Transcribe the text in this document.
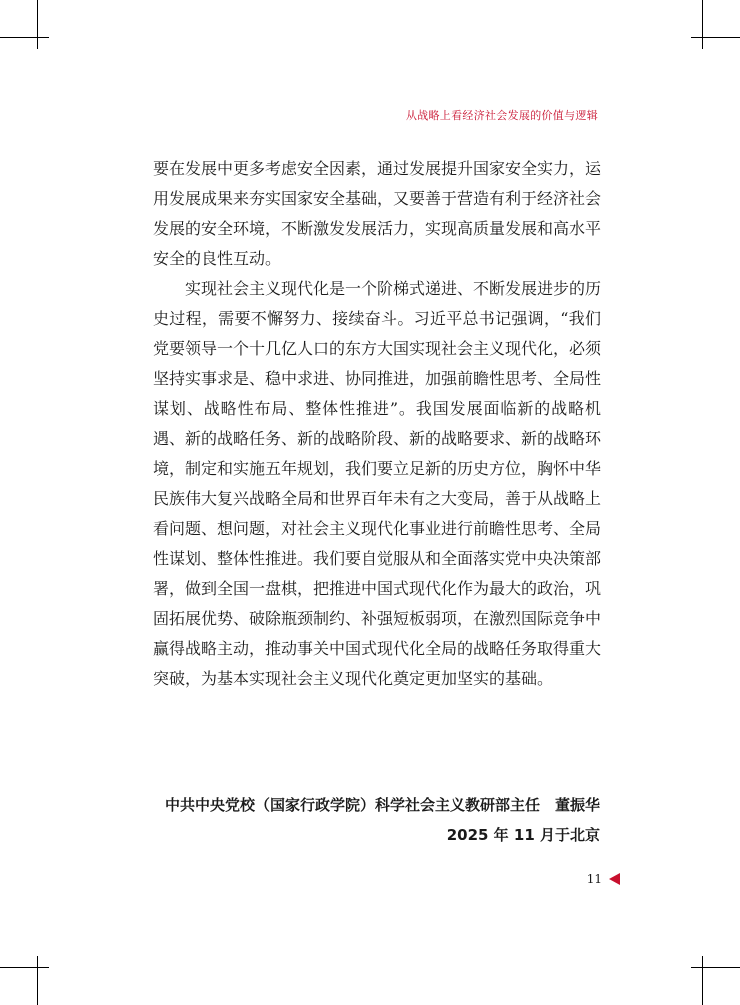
从战略上看经济社会发展的价值与逻辑

要在发展中更多考虑安全因素，通过发展提升国家安全实力，运用发展成果来夯实国家安全基础，又要善于营造有利于经济社会发展的安全环境，不断激发发展活力，实现高质量发展和高水平安全的良性互动。

实现社会主义现代化是一个阶梯式递进、不断发展进步的历史过程，需要不懈努力、接续奋斗。习近平总书记强调，“我们党要领导一个十几亿人口的东方大国实现社会主义现代化，必须坚持实事求是、稳中求进、协同推进，加强前瞻性思考、全局性谋划、战略性布局、整体性推进”。我国发展面临新的战略机遇、新的战略任务、新的战略阶段、新的战略要求、新的战略环境，制定和实施五年规划，我们要立足新的历史方位，胸怀中华民族伟大复兴战略全局和世界百年未有之大变局，善于从战略上看问题、想问题，对社会主义现代化事业进行前瞻性思考、全局性谋划、整体性推进。我们要自觉服从和全面落实党中央决策部署，做到全国一盘棋，把推进中国式现代化作为最大的政治，巩固拓展优势、破除瓶颈制约、补强短板弱项，在激烈国际竞争中赢得战略主动，推动事关中国式现代化全局的战略任务取得重大突破，为基本实现社会主义现代化奠定更加坚实的基础。

中共中央党校（国家行政学院）科学社会主义教研部主任　董振华
2025 年 11 月于北京
11
